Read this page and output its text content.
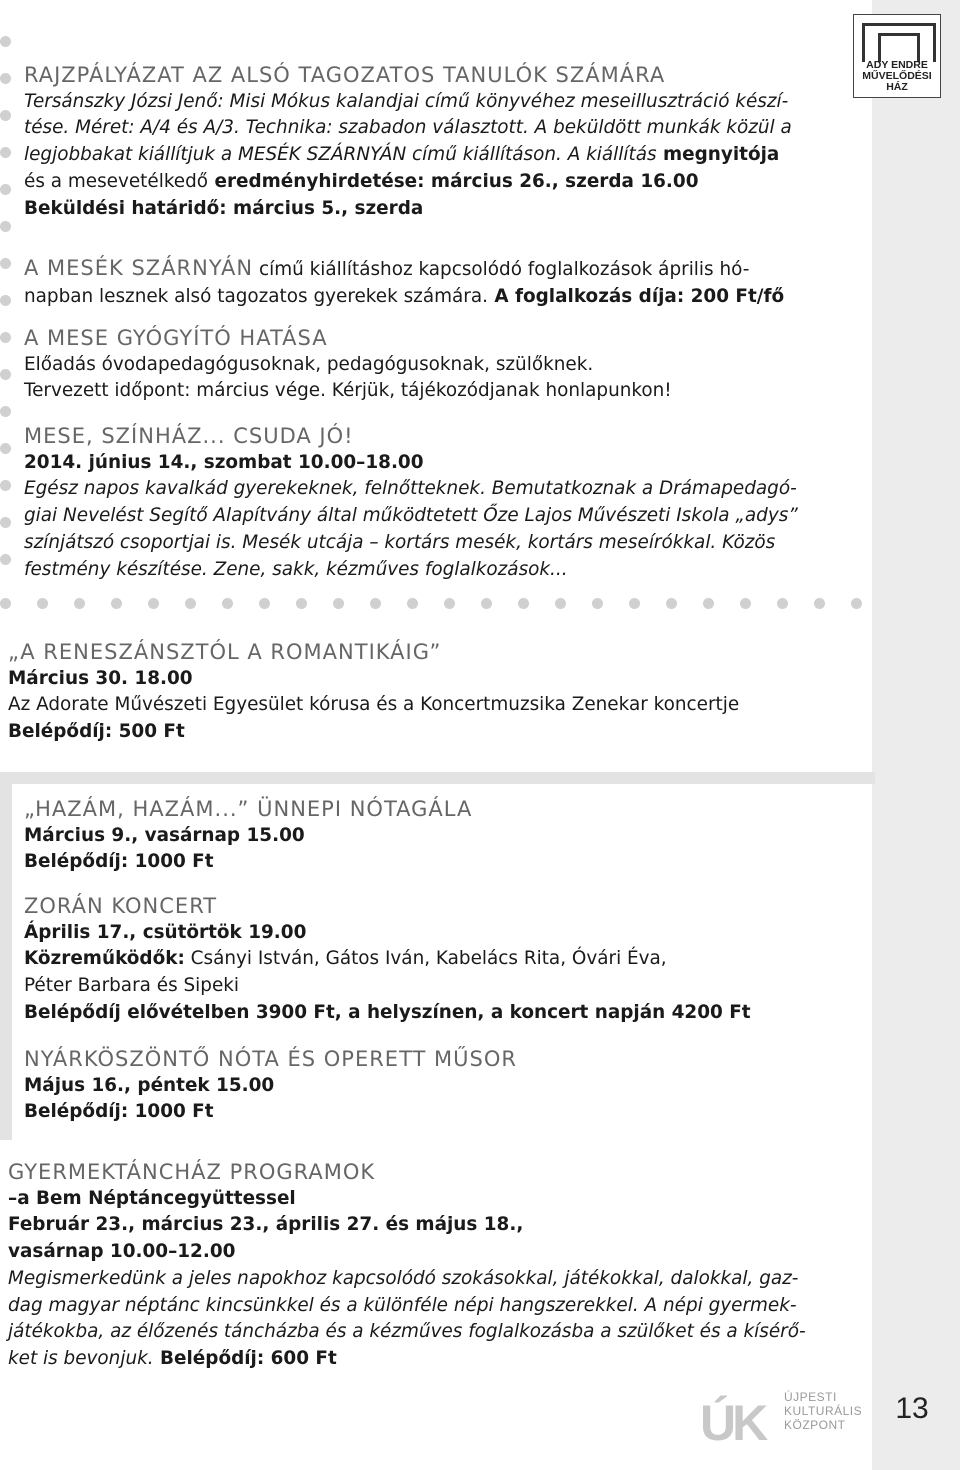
ADY ENDRE
MŰVELŐDÉSI HÁZ
RAJZPÁLYÁZAT AZ ALSÓ TAGOZATOS TANULÓK SZÁMÁRA
Tersánszky Józsi Jenő: Misi Mókus kalandjai című könyvéhez meseillusztráció készí-
tése. Méret: A/4 és A/3. Technika: szabadon választott. A beküldött munkák közül a
legjobbakat kiállítjuk a MESÉK SZÁRNYÁN című kiállításon. A kiállítás megnyitója
és a mesevetélkedő eredményhirdetése: március 26., szerda 16.00
Beküldési határidő: március 5., szerda
A MESÉK SZÁRNYÁN című kiállításhoz kapcsolódó foglalkozások április hó-
napban lesznek alsó tagozatos gyerekek számára. A foglalkozás díja: 200 Ft/fő
A MESE GYÓGYÍTÓ HATÁSA
Előadás óvodapedagógusoknak, pedagógusoknak, szülőknek.
Tervezett időpont: március vége. Kérjük, tájékozódjanak honlapunkon!
MESE, SZÍNHÁZ... CSUDA JÓ!
2014. június 14., szombat 10.00–18.00
Egész napos kavalkád gyerekeknek, felnőtteknek. Bemutatkoznak a Drámapedagó-
giai Nevelést Segítő Alapítvány által működtetett Őze Lajos Művészeti Iskola „adys”
színjátszó csoportjai is. Mesék utcája – kortárs mesék, kortárs meseírókkal. Közös
festmény készítése. Zene, sakk, kézműves foglalkozások...
„A RENESZÁNSZTÓL A ROMANTIKÁIG”
Március 30. 18.00
Az Adorate Művészeti Egyesület kórusa és a Koncertmuzsika Zenekar koncertje
Belépődíj: 500 Ft
„HAZÁM, HAZÁM...” ÜNNEPI NÓTAGÁLA
Március 9., vasárnap 15.00
Belépődíj: 1000 Ft
ZORÁN KONCERT
Április 17., csütörtök 19.00
Közreműködők: Csányi István, Gátos Iván, Kabelács Rita, Óvári Éva,
Péter Barbara és Sipeki
Belépődíj elővételben 3900 Ft, a helyszínen, a koncert napján 4200 Ft
NYÁRKÖSZÖNTŐ NÓTA ÉS OPERETT MŰSOR
Május 16., péntek 15.00
Belépődíj: 1000 Ft
GYERMEKTÁNCHÁZ PROGRAMOK
–a Bem Néptáncegyüttessel
Február 23., március 23., április 27. és május 18.,
vasárnap 10.00–12.00
Megismerkedünk a jeles napokhoz kapcsolódó szokásokkal, játékokkal, dalokkal, gaz-
dag magyar néptánc kincsünkkel és a különféle népi hangszerekkel. A népi gyermek-
játékokba, az élőzenés táncházba és a kézműves foglalkozásba a szülőket és a kísérő-
ket is bevonjuk. Belépődíj: 600 Ft
ÚK ÚJPESTI
KULTURÁLIS
KÖZPONT	13
